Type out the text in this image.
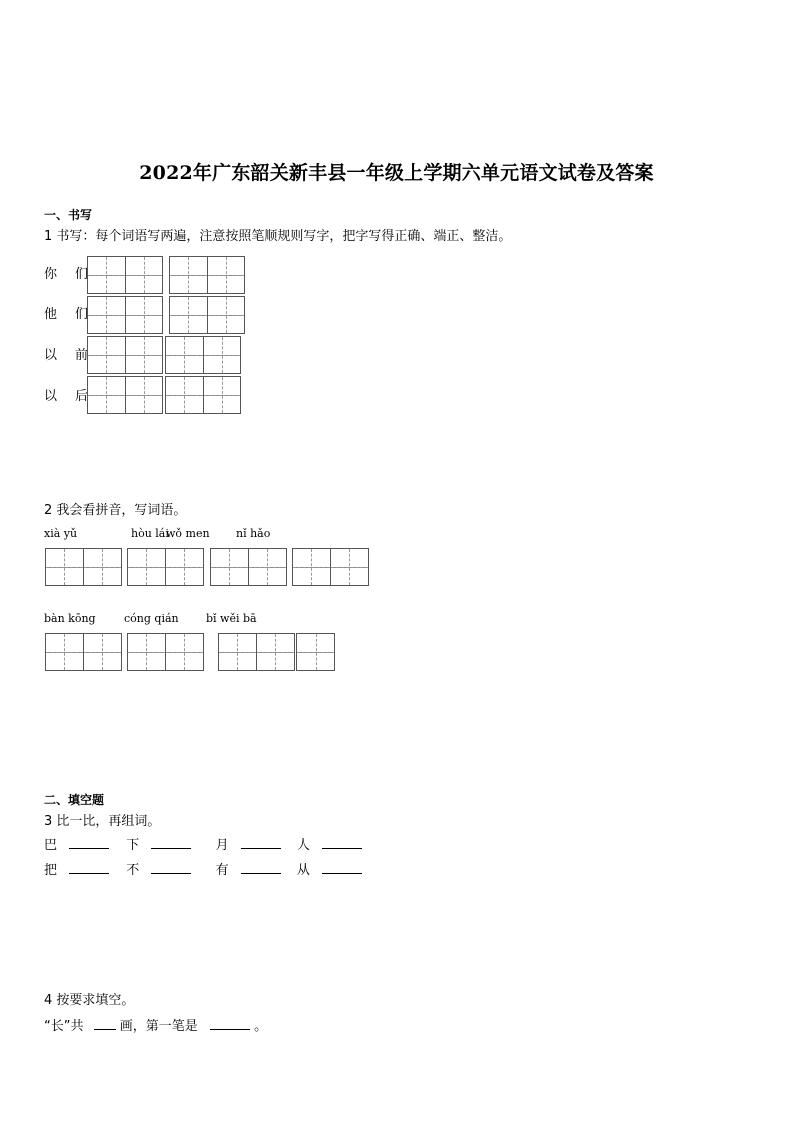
2022年广东韶关新丰县一年级上学期六单元语文试卷及答案
一、书写
1 书写：每个词语写两遍，注意按照笔顺规则写字，把字写得正确、端正、整洁。
你 们
他 们
以 前
以 后
2 我会看拼音，写词语。
xià yǔ	hòu lái
wǒ men nǐ hǎo
bàn kōng	cóng qián bǐ wěi bā
二、填空题
3 比一比，再组词。
巴	下	月	人
把	不	有	从
4 按要求填空。
“长”共	画，第一笔是	。
